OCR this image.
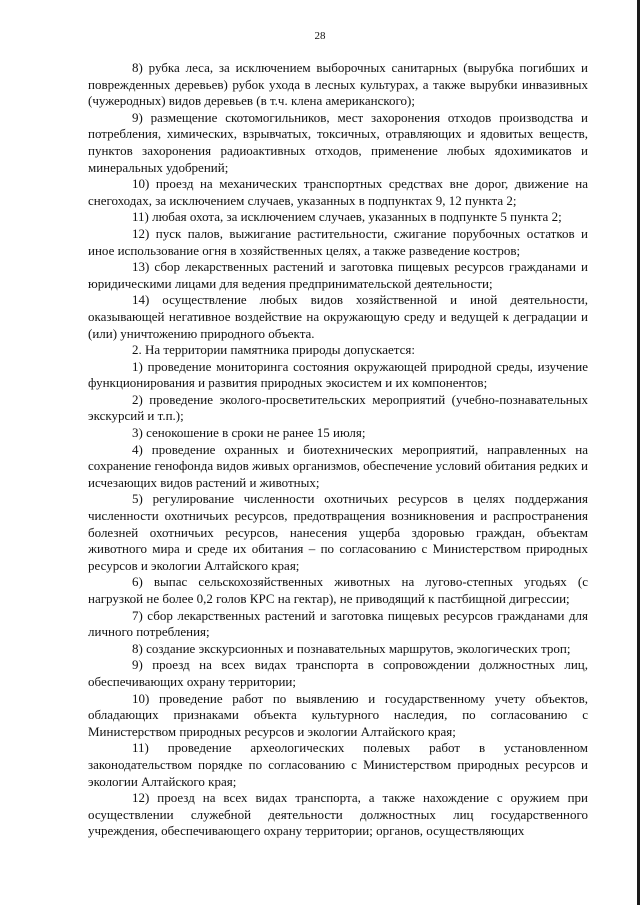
28

8) рубка леса, за исключением выборочных санитарных (вырубка погибших и поврежденных деревьев) рубок ухода в лесных культурах, а также вырубки инвазивных (чужеродных) видов деревьев (в т.ч. клена американского);

9) размещение скотомогильников, мест захоронения отходов производства и потребления, химических, взрывчатых, токсичных, отравляющих и ядовитых веществ, пунктов захоронения радиоактивных отходов, применение любых ядохимикатов и минеральных удобрений;

10) проезд на механических транспортных средствах вне дорог, движение на снегоходах, за исключением случаев, указанных в подпунктах 9, 12 пункта 2;

11) любая охота, за исключением случаев, указанных в подпункте 5 пункта 2;

12) пуск палов, выжигание растительности, сжигание порубочных остатков и иное использование огня в хозяйственных целях, а также разведение костров;

13) сбор лекарственных растений и заготовка пищевых ресурсов гражданами и юридическими лицами для ведения предпринимательской деятельности;

14) осуществление любых видов хозяйственной и иной деятельности, оказывающей негативное воздействие на окружающую среду и ведущей к деградации и (или) уничтожению природного объекта.

2. На территории памятника природы допускается:

1) проведение мониторинга состояния окружающей природной среды, изучение функционирования и развития природных экосистем и их компонентов;

2) проведение эколого-просветительских мероприятий (учебно-познавательных экскурсий и т.п.);

3) сенокошение в сроки не ранее 15 июля;

4) проведение охранных и биотехнических мероприятий, направленных на сохранение генофонда видов живых организмов, обеспечение условий обитания редких и исчезающих видов растений и животных;

5) регулирование численности охотничьих ресурсов в целях поддержания численности охотничьих ресурсов, предотвращения возникновения и распространения болезней охотничьих ресурсов, нанесения ущерба здоровью граждан, объектам животного мира и среде их обитания – по согласованию с Министерством природных ресурсов и экологии Алтайского края;

6) выпас сельскохозяйственных животных на лугово-степных угодьях (с нагрузкой не более 0,2 голов КРС на гектар), не приводящий к пастбищной дигрессии;

7) сбор лекарственных растений и заготовка пищевых ресурсов гражданами для личного потребления;

8) создание экскурсионных и познавательных маршрутов, экологических троп;

9) проезд на всех видах транспорта в сопровождении должностных лиц, обеспечивающих охрану территории;

10) проведение работ по выявлению и государственному учету объектов, обладающих признаками объекта культурного наследия, по согласованию с Министерством природных ресурсов и экологии Алтайского края;

11) проведение археологических полевых работ в установленном законодательством порядке по согласованию с Министерством природных ресурсов и экологии Алтайского края;

12) проезд на всех видах транспорта, а также нахождение с оружием при осуществлении служебной деятельности должностных лиц государственного учреждения, обеспечивающего охрану территории; органов, осуществляющих
